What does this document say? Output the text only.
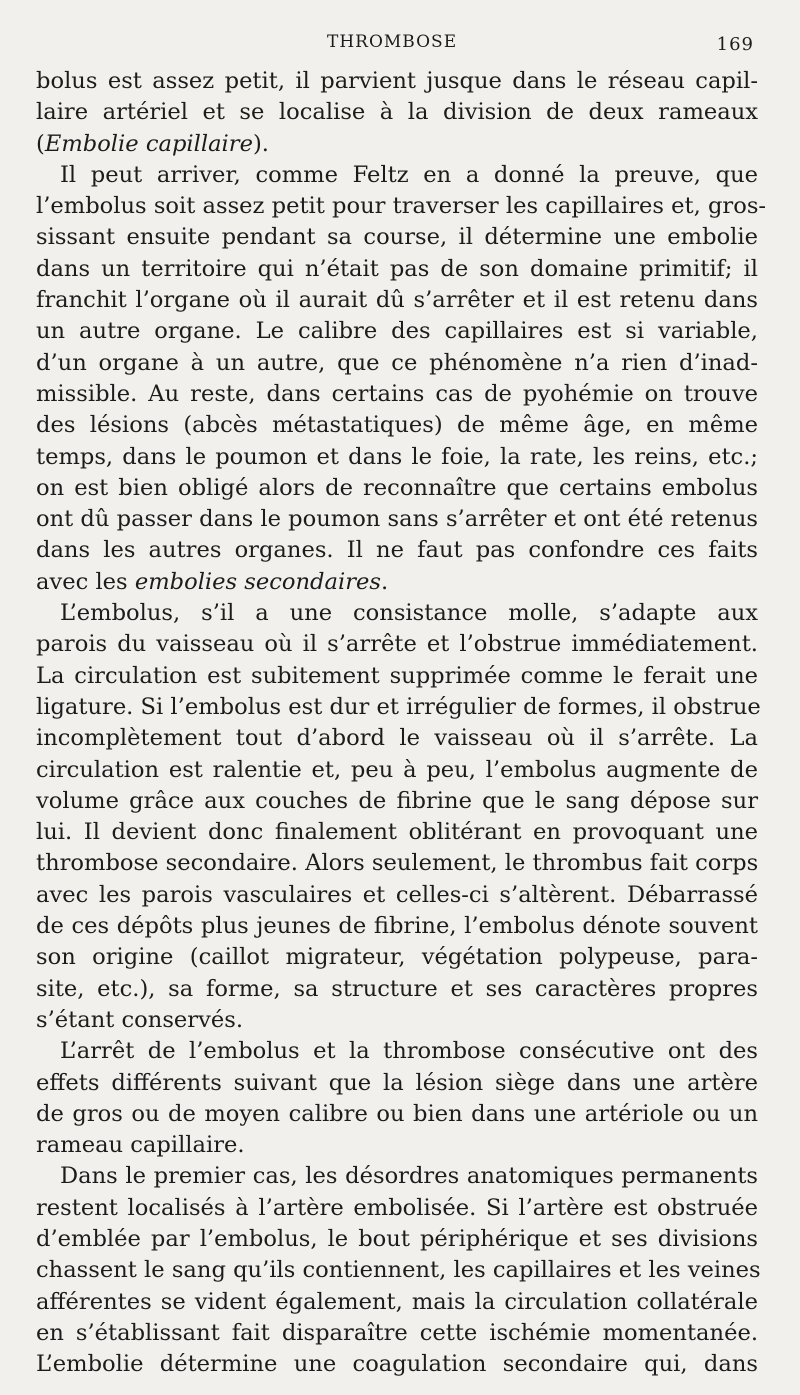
THROMBOSE	169
bolus est assez petit, il parvient jusque dans le réseau capil-
laire artériel et se localise à la division de deux rameaux
(Embolie capillaire).
Il peut arriver, comme Feltz en a donné la preuve, que
l’embolus soit assez petit pour traverser les capillaires et, gros-
sissant ensuite pendant sa course, il détermine une embolie
dans un territoire qui n’était pas de son domaine primitif; il
franchit l’organe où il aurait dû s’arrêter et il est retenu dans
un autre organe. Le calibre des capillaires est si variable,
d’un organe à un autre, que ce phénomène n’a rien d’inad-
missible. Au reste, dans certains cas de pyohémie on trouve
des lésions (abcès métastatiques) de même âge, en même
temps, dans le poumon et dans le foie, la rate, les reins, etc.;
on est bien obligé alors de reconnaître que certains embolus
ont dû passer dans le poumon sans s’arrêter et ont été retenus
dans les autres organes. Il ne faut pas confondre ces faits
avec les embolies secondaires.
L’embolus, s’il a une consistance molle, s’adapte aux
parois du vaisseau où il s’arrête et l’obstrue immédiatement.
La circulation est subitement supprimée comme le ferait une
ligature. Si l’embolus est dur et irrégulier de formes, il obstrue
incomplètement tout d’abord le vaisseau où il s’arrête. La
circulation est ralentie et, peu à peu, l’embolus augmente de
volume grâce aux couches de fibrine que le sang dépose sur
lui. Il devient donc finalement oblitérant en provoquant une
thrombose secondaire. Alors seulement, le thrombus fait corps
avec les parois vasculaires et celles-ci s’altèrent. Débarrassé
de ces dépôts plus jeunes de fibrine, l’embolus dénote souvent
son origine (caillot migrateur, végétation polypeuse, para-
site, etc.), sa forme, sa structure et ses caractères propres
s’étant conservés.
L’arrêt de l’embolus et la thrombose consécutive ont des
effets différents suivant que la lésion siège dans une artère
de gros ou de moyen calibre ou bien dans une artériole ou un
rameau capillaire.
Dans le premier cas, les désordres anatomiques permanents
restent localisés à l’artère embolisée. Si l’artère est obstruée
d’emblée par l’embolus, le bout périphérique et ses divisions
chassent le sang qu’ils contiennent, les capillaires et les veines
afférentes se vident également, mais la circulation collatérale
en s’établissant fait disparaître cette ischémie momentanée.
L’embolie détermine une coagulation secondaire qui, dans
